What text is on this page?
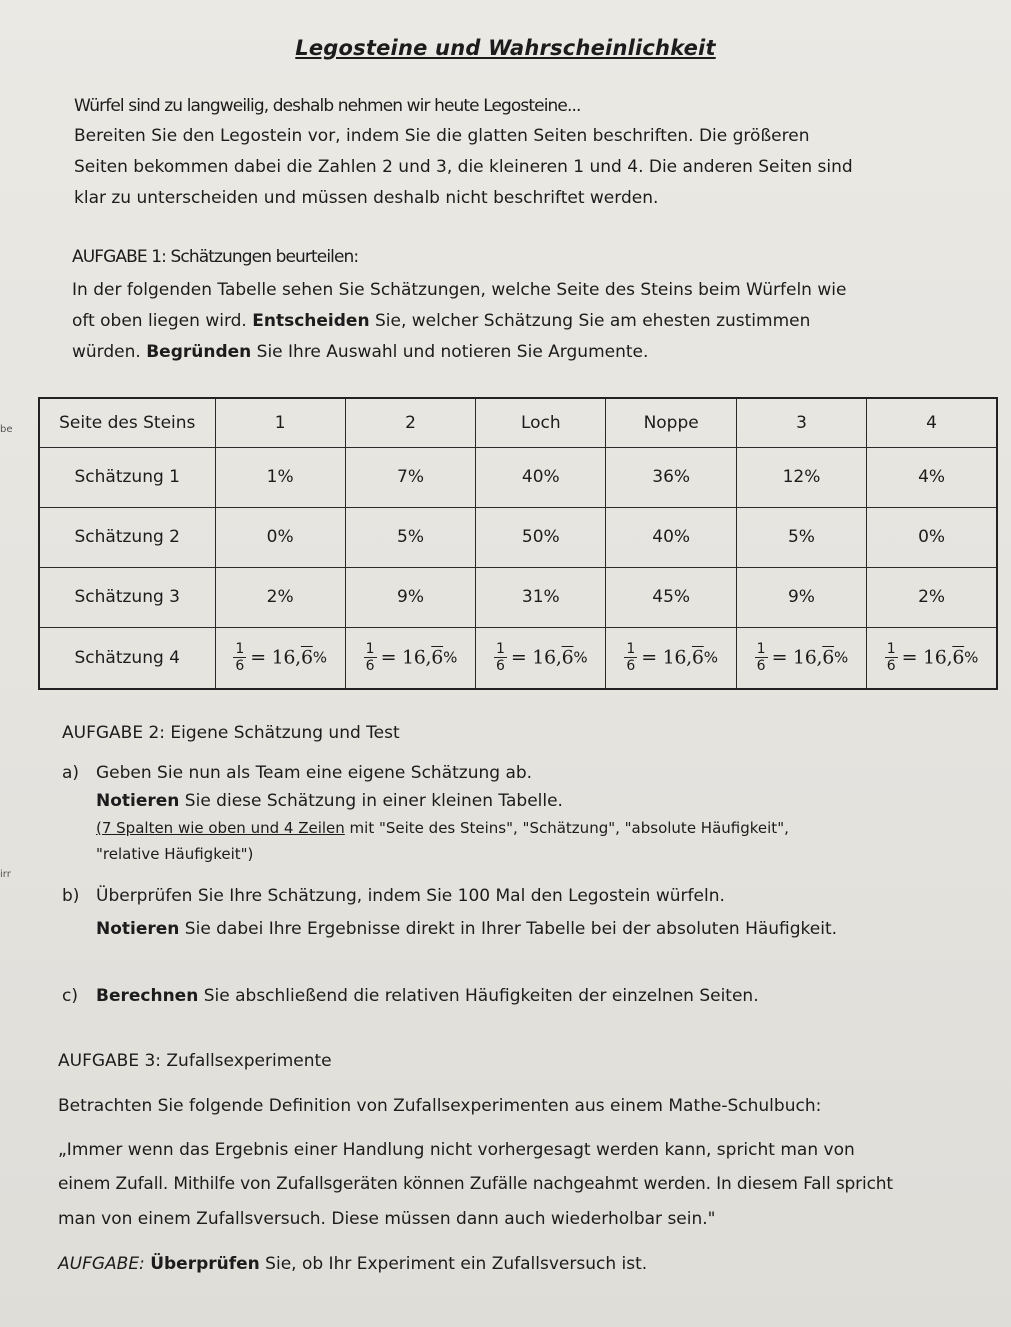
Legosteine und Wahrscheinlichkeit
Würfel sind zu langweilig, deshalb nehmen wir heute Legosteine...
Bereiten Sie den Legostein vor, indem Sie die glatten Seiten beschriften. Die größeren
Seiten bekommen dabei die Zahlen 2 und 3, die kleineren 1 und 4. Die anderen Seiten sind
klar zu unterscheiden und müssen deshalb nicht beschriftet werden.
AUFGABE 1: Schätzungen beurteilen:
In der folgenden Tabelle sehen Sie Schätzungen, welche Seite des Steins beim Würfeln wie
oft oben liegen wird. Entscheiden Sie, welcher Schätzung Sie am ehesten zustimmen
würden. Begründen Sie Ihre Auswahl und notieren Sie Argumente.
be	Seite des Steins	1	2	Loch	Noppe	3	4
Schätzung 1	1%	7%	40%	36%	12%	4%
Schätzung 2	0%	5%	50%	40%	5%	0%
Schätzung 3	2%	9%	31%	45%	9%	2%
Schätzung 4	$\frac{1}{6} = 16,6\%$	$\frac{1}{6} = 16,6\%$	$\frac{1}{6} = 16,6\%$	$\frac{1}{6} = 16,6\%$	$\frac{1}{6} = 16,6\%$	$\frac{1}{6} = 16,6\%$
AUFGABE 2: Eigene Schätzung und Test
a) Geben Sie nun als Team eine eigene Schätzung ab.
Notieren Sie diese Schätzung in einer kleinen Tabelle.
(7 Spalten wie oben und 4 Zeilen mit "Seite des Steins", "Schätzung", "absolute Häufigkeit",
"relative Häufigkeit")
irr
b) Überprüfen Sie Ihre Schätzung, indem Sie 100 Mal den Legostein würfeln.
Notieren Sie dabei Ihre Ergebnisse direkt in Ihrer Tabelle bei der absoluten Häufigkeit.
c) Berechnen Sie abschließend die relativen Häufigkeiten der einzelnen Seiten.
AUFGABE 3: Zufallsexperimente
Betrachten Sie folgende Definition von Zufallsexperimenten aus einem Mathe-Schulbuch:
„Immer wenn das Ergebnis einer Handlung nicht vorhergesagt werden kann, spricht man von
einem Zufall. Mithilfe von Zufallsgeräten können Zufälle nachgeahmt werden. In diesem Fall spricht
man von einem Zufallsversuch. Diese müssen dann auch wiederholbar sein."
AUFGABE: Überprüfen Sie, ob Ihr Experiment ein Zufallsversuch ist.
